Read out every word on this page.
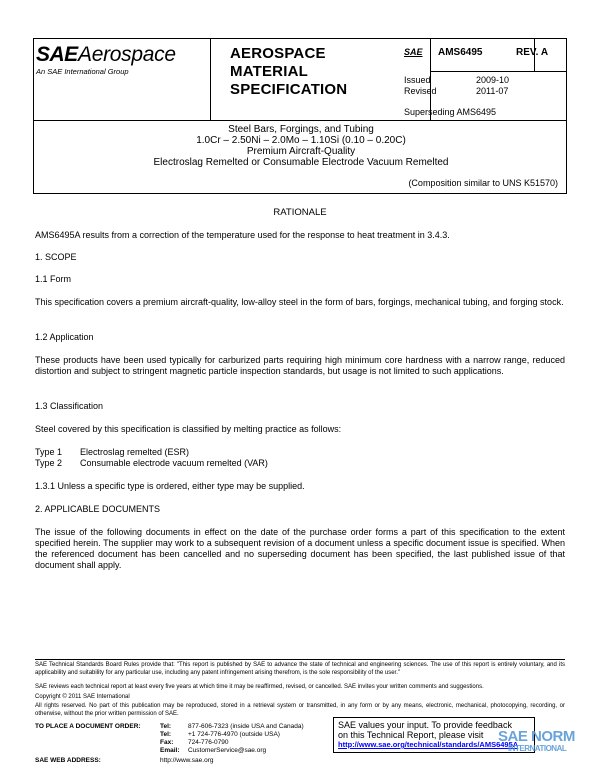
SAE Aerospace
An SAE International Group
AEROSPACE
MATERIAL
SPECIFICATION
SAE AMS6495	REV. A
Issued	2009-10
Revised	2011-07
Superseding AMS6495
Steel Bars, Forgings, and Tubing
1.0Cr – 2.50Ni – 2.0Mo – 1.10Si (0.10 – 0.20C)
Premium Aircraft-Quality
Electroslag Remelted or Consumable Electrode Vacuum Remelted
(Composition similar to UNS K51570)
RATIONALE
AMS6495A results from a correction of the temperature used for the response to heat treatment in 3.4.3.
1. SCOPE
1.1 Form
This specification covers a premium aircraft-quality, low-alloy steel in the form of bars, forgings, mechanical tubing, and forging stock.
1.2 Application
These products have been used typically for carburized parts requiring high minimum core hardness with a narrow range, reduced distortion and subject to stringent magnetic particle inspection standards, but usage is not limited to such applications.
1.3 Classification
Steel covered by this specification is classified by melting practice as follows:
Type 1 Electroslag remelted (ESR)
Type 2 Consumable electrode vacuum remelted (VAR)
1.3.1 Unless a specific type is ordered, either type may be supplied.
2. APPLICABLE DOCUMENTS
The issue of the following documents in effect on the date of the purchase order forms a part of this specification to the extent specified herein. The supplier may work to a subsequent revision of a document unless a specific document issue is specified. When the referenced document has been cancelled and no superseding document has been specified, the last published issue of that document shall apply.
SAE Technical Standards Board Rules provide that: "This report is published by SAE to advance the state of technical and engineering sciences. The use of this report is entirely voluntary, and its applicability and suitability for any particular use, including any patent infringement arising therefrom, is the sole responsibility of the user."
SAE reviews each technical report at least every five years at which time it may be reaffirmed, revised, or cancelled. SAE invites your written comments and suggestions.
Copyright © 2011 SAE International
All rights reserved. No part of this publication may be reproduced, stored in a retrieval system or transmitted, in any form or by any means, electronic, mechanical, photocopying, recording, or otherwise, without the prior written permission of SAE.
TO PLACE A DOCUMENT ORDER:	Tel:	877-606-7323 (inside USA and Canada)
Tel:	+1 724-776-4970 (outside USA)
Fax: 724-776-0790
Email: CustomerService@sae.org
SAE WEB ADDRESS:	http://www.sae.org
SAE values your input. To provide feedback
on this Technical Report, please visit
http://www.sae.org/technical/standards/AMS6495A
SAE NORM
INTERNATIONAL
